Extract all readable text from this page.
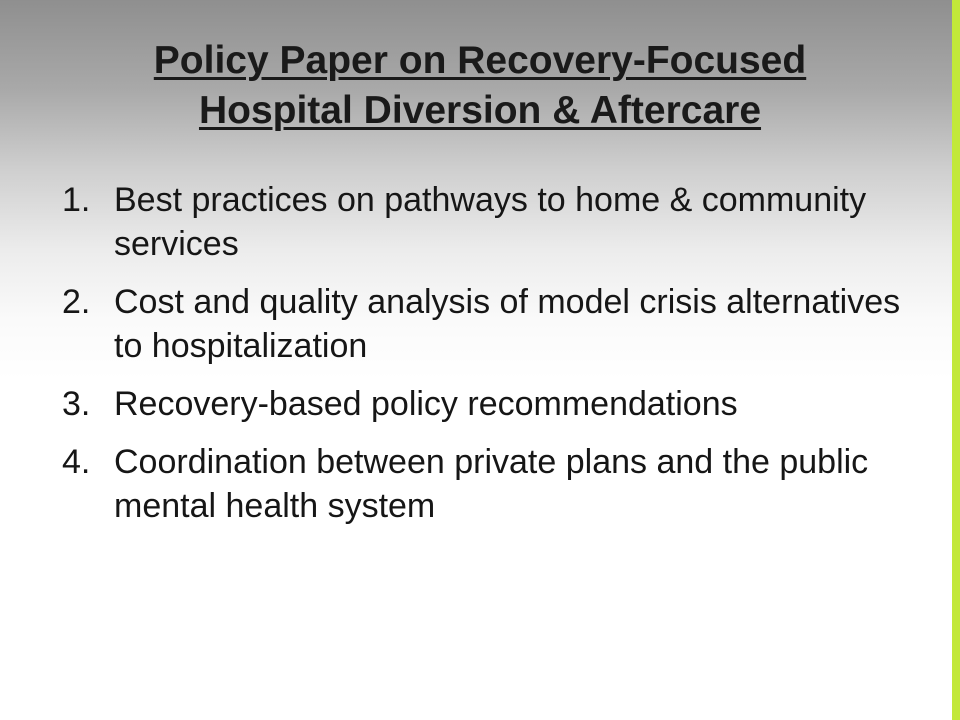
Policy Paper on Recovery-Focused
Hospital Diversion & Aftercare
1. Best practices on pathways to home & community services
2. Cost and quality analysis of model crisis alternatives to hospitalization
3. Recovery-based policy recommendations
4. Coordination between private plans and the public mental health system
